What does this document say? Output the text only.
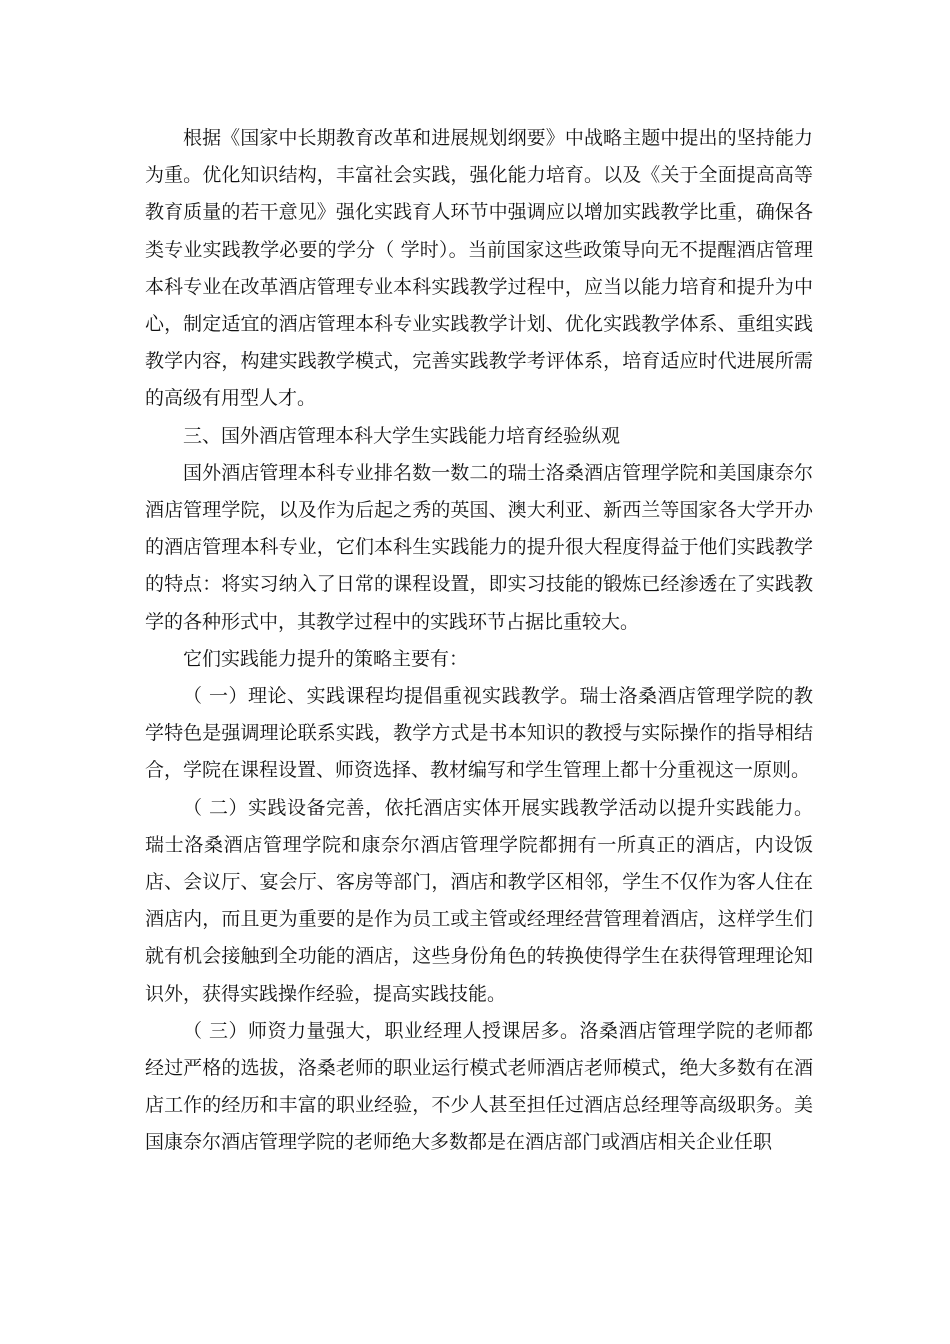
根据《国家中长期教育改革和进展规划纲要》中战略主题中提出的坚持能力为重。优化知识结构，丰富社会实践，强化能力培育。以及《关于全面提高高等教育质量的若干意见》强化实践育人环节中强调应以增加实践教学比重，确保各类专业实践教学必要的学分（ 学时）。当前国家这些政策导向无不提醒酒店管理本科专业在改革酒店管理专业本科实践教学过程中，应当以能力培育和提升为中心，制定适宜的酒店管理本科专业实践教学计划、优化实践教学体系、重组实践教学内容，构建实践教学模式，完善实践教学考评体系，培育适应时代进展所需的高级有用型人才。

三、国外酒店管理本科大学生实践能力培育经验纵观

国外酒店管理本科专业排名数一数二的瑞士洛桑酒店管理学院和美国康奈尔酒店管理学院，以及作为后起之秀的英国、澳大利亚、新西兰等国家各大学开办的酒店管理本科专业，它们本科生实践能力的提升很大程度得益于他们实践教学的特点：将实习纳入了日常的课程设置，即实习技能的锻炼已经渗透在了实践教学的各种形式中，其教学过程中的实践环节占据比重较大。

它们实践能力提升的策略主要有：

（ 一）理论、实践课程均提倡重视实践教学。瑞士洛桑酒店管理学院的教学特色是强调理论联系实践，教学方式是书本知识的教授与实际操作的指导相结合，学院在课程设置、师资选择、教材编写和学生管理上都十分重视这一原则。

（ 二）实践设备完善，依托酒店实体开展实践教学活动以提升实践能力。瑞士洛桑酒店管理学院和康奈尔酒店管理学院都拥有一所真正的酒店，内设饭店、会议厅、宴会厅、客房等部门，酒店和教学区相邻，学生不仅作为客人住在酒店内，而且更为重要的是作为员工或主管或经理经营管理着酒店，这样学生们就有机会接触到全功能的酒店，这些身份角色的转换使得学生在获得管理理论知识外，获得实践操作经验，提高实践技能。

（ 三）师资力量强大，职业经理人授课居多。洛桑酒店管理学院的老师都经过严格的选拔，洛桑老师的职业运行模式老师酒店老师模式，绝大多数有在酒店工作的经历和丰富的职业经验，不少人甚至担任过酒店总经理等高级职务。美国康奈尔酒店管理学院的老师绝大多数都是在酒店部门或酒店相关企业任职
